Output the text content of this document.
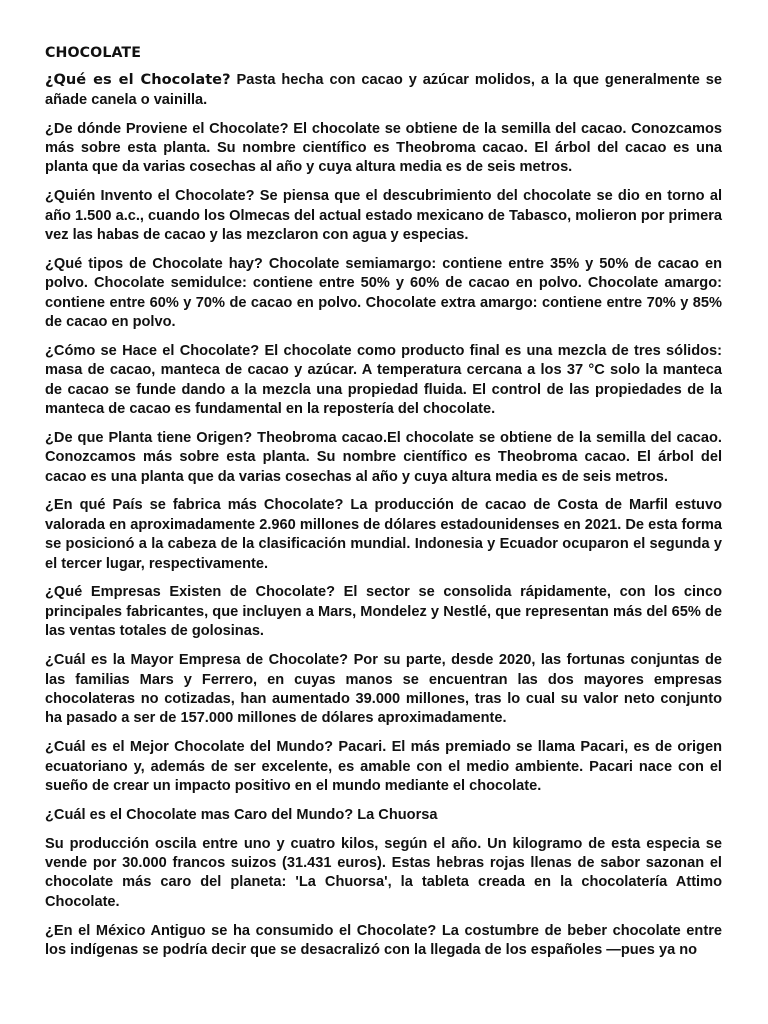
CHOCOLATE

¿Qué es el Chocolate? Pasta hecha con cacao y azúcar molidos, a la que generalmente se añade canela o vainilla.

¿De dónde Proviene el Chocolate? El chocolate se obtiene de la semilla del cacao. Conozcamos más sobre esta planta. Su nombre científico es Theobroma cacao. El árbol del cacao es una planta que da varias cosechas al año y cuya altura media es de seis metros.

¿Quién Invento el Chocolate? Se piensa que el descubrimiento del chocolate se dio en torno al año 1.500 a.c., cuando los Olmecas del actual estado mexicano de Tabasco, molieron por primera vez las habas de cacao y las mezclaron con agua y especias.

¿Qué tipos de Chocolate hay? Chocolate semiamargo: contiene entre 35% y 50% de cacao en polvo. Chocolate semidulce: contiene entre 50% y 60% de cacao en polvo. Chocolate amargo: contiene entre 60% y 70% de cacao en polvo. Chocolate extra amargo: contiene entre 70% y 85% de cacao en polvo.

¿Cómo se Hace el Chocolate? El chocolate como producto final es una mezcla de tres sólidos: masa de cacao, manteca de cacao y azúcar. A temperatura cercana a los 37 °C solo la manteca de cacao se funde dando a la mezcla una propiedad fluida. El control de las propiedades de la manteca de cacao es fundamental en la repostería del chocolate.

¿De que Planta tiene Origen? Theobroma cacao.El chocolate se obtiene de la semilla del cacao. Conozcamos más sobre esta planta. Su nombre científico es Theobroma cacao. El árbol del cacao es una planta que da varias cosechas al año y cuya altura media es de seis metros.

¿En qué País se fabrica más Chocolate? La producción de cacao de Costa de Marfil estuvo valorada en aproximadamente 2.960 millones de dólares estadounidenses en 2021. De esta forma se posicionó a la cabeza de la clasificación mundial. Indonesia y Ecuador ocuparon el segunda y el tercer lugar, respectivamente.

¿Qué Empresas Existen de Chocolate? El sector se consolida rápidamente, con los cinco principales fabricantes, que incluyen a Mars, Mondelez y Nestlé, que representan más del 65% de las ventas totales de golosinas.

¿Cuál es la Mayor Empresa de Chocolate? Por su parte, desde 2020, las fortunas conjuntas de las familias Mars y Ferrero, en cuyas manos se encuentran las dos mayores empresas chocolateras no cotizadas, han aumentado 39.000 millones, tras lo cual su valor neto conjunto ha pasado a ser de 157.000 millones de dólares aproximadamente.

¿Cuál es el Mejor Chocolate del Mundo? Pacari. El más premiado se llama Pacari, es de origen ecuatoriano y, además de ser excelente, es amable con el medio ambiente. Pacari nace con el sueño de crear un impacto positivo en el mundo mediante el chocolate.

¿Cuál es el Chocolate mas Caro del Mundo? La Chuorsa

Su producción oscila entre uno y cuatro kilos, según el año. Un kilogramo de esta especia se vende por 30.000 francos suizos (31.431 euros). Estas hebras rojas llenas de sabor sazonan el chocolate más caro del planeta: 'La Chuorsa', la tableta creada en la chocolatería Attimo Chocolate.

¿En el México Antiguo se ha consumido el Chocolate? La costumbre de beber chocolate entre los indígenas se podría decir que se desacralizó con la llegada de los españoles —pues ya no
